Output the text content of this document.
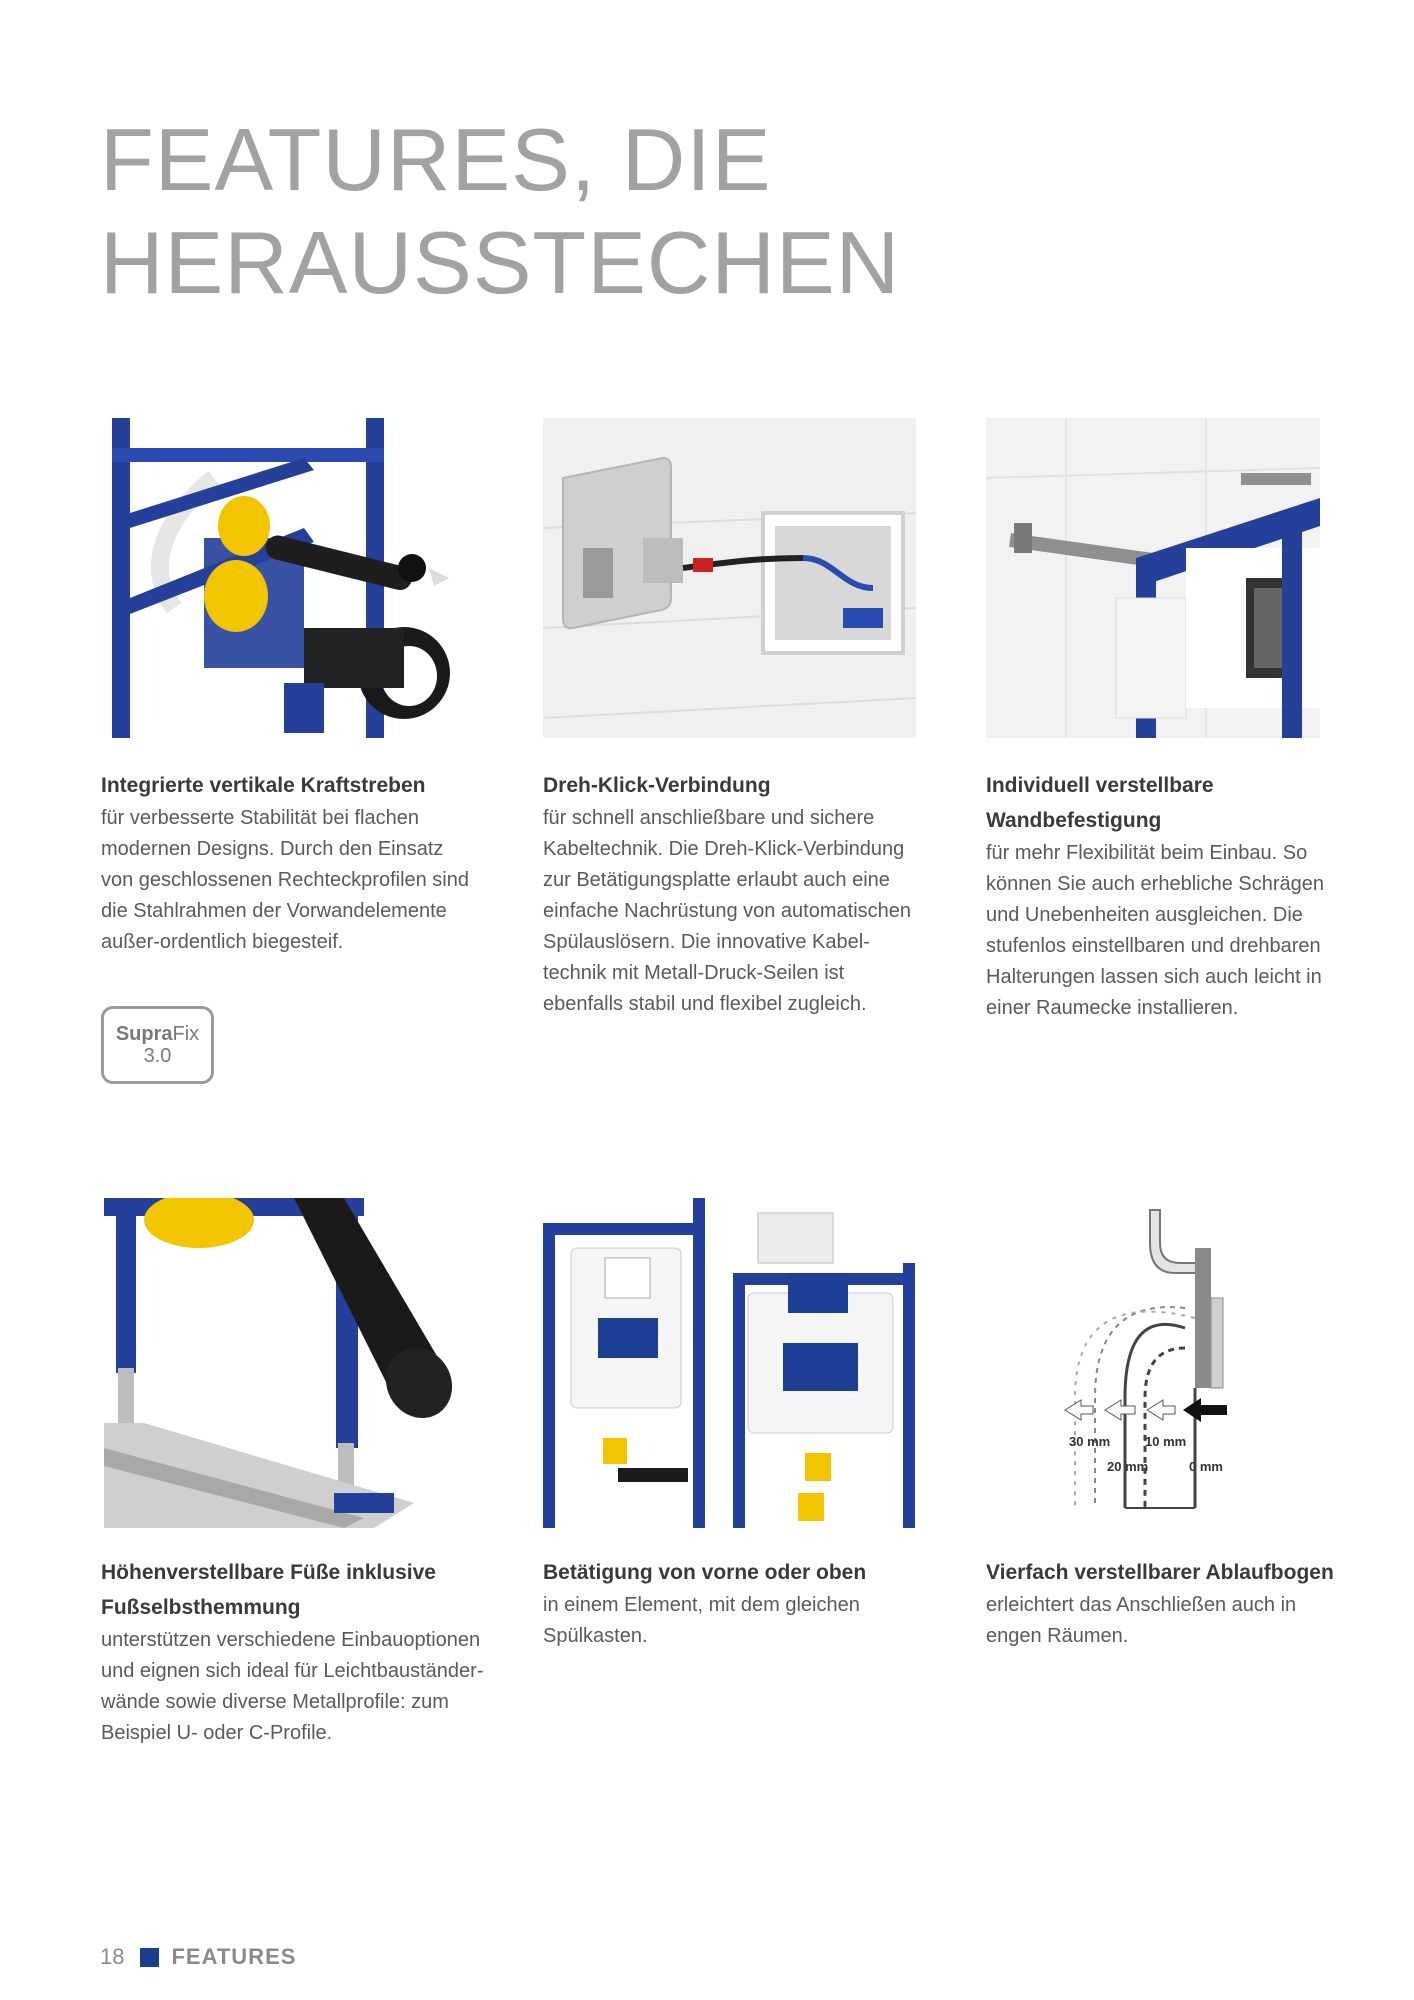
FEATURES, DIE
HERAUSSTECHEN
30 mm	10 mm
20 mm	0 mm

Integrierte vertikale Kraftstreben

für verbesserte Stabilität bei flachen modernen Designs. Durch den Einsatz von geschlossenen Rechteckprofilen sind die Stahlrahmen der Vorwandelemente außer-ordentlich biegesteif.

Dreh-Klick-Verbindung

für schnell anschließbare und sichere Kabeltechnik. Die Dreh-Klick-Verbindung zur Betätigungsplatte erlaubt auch eine einfache Nachrüstung von automatischen Spülauslösern. Die innovative Kabel-technik mit Metall-Druck-Seilen ist ebenfalls stabil und flexibel zugleich.

Individuell verstellbare Wandbefestigung

für mehr Flexibilität beim Einbau. So können Sie auch erhebliche Schrägen und Unebenheiten ausgleichen. Die stufenlos einstellbaren und drehbaren Halterungen lassen sich auch leicht in einer Raumecke installieren.

SupraFix
3.0

Höhenverstellbare Füße inklusive Fußselbsthemmung

unterstützen verschiedene Einbauoptionen und eignen sich ideal für Leichtbauständer-wände sowie diverse Metallprofile: zum Beispiel U- oder C-Profile.

Betätigung von vorne oder oben

in einem Element, mit dem gleichen Spülkasten.

Vierfach verstellbarer Ablaufbogen

erleichtert das Anschließen auch in engen Räumen.

18 FEATURES
